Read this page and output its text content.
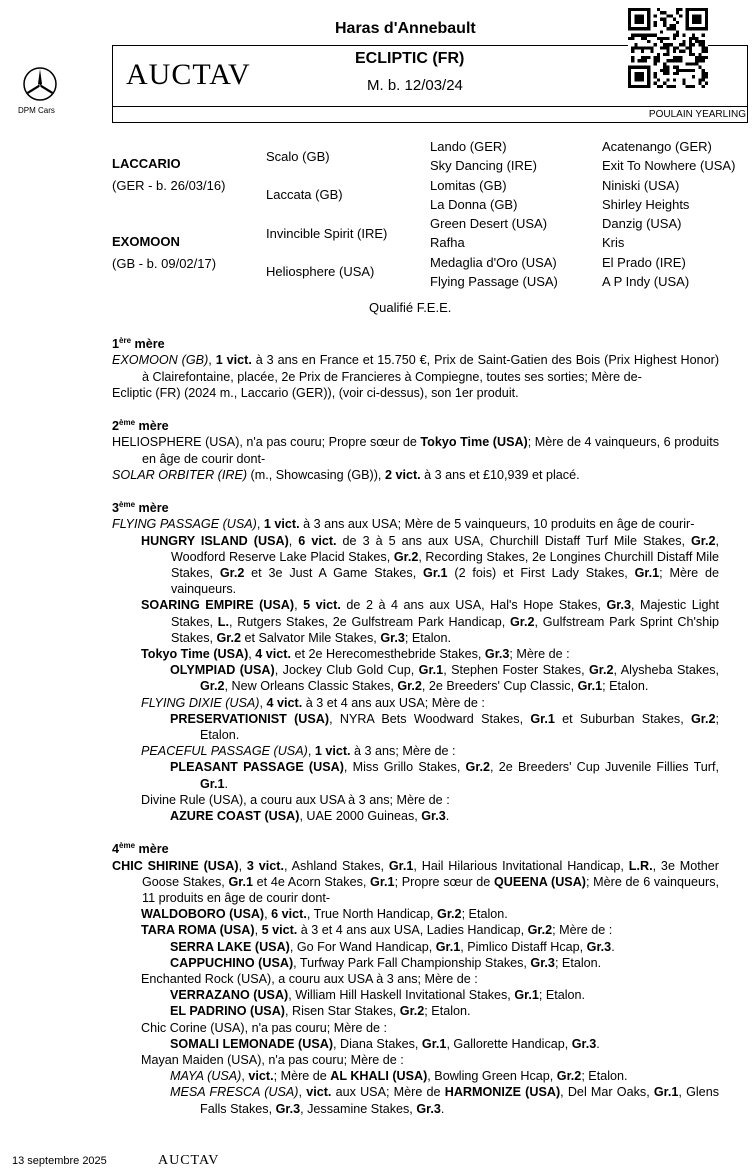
DPM Cars
Haras d'Annebault
AUCTAV	ECLIPTIC (FR)
M. b. 12/03/24
POULAIN YEARLING
LACCARIO
(GER - b. 26/03/16)
EXOMOON
(GB - b. 09/02/17)
Scalo (GB)
Laccata (GB)
Invincible Spirit (IRE)
Heliosphere (USA)
Lando (GER)
Sky Dancing (IRE)
Lomitas (GB)
La Donna (GB)
Green Desert (USA)
Rafha
Medaglia d'Oro (USA)
Flying Passage (USA)
Acatenango (GER)
Exit To Nowhere (USA)
Niniski (USA)
Shirley Heights
Danzig (USA)
Kris
El Prado (IRE)
A P Indy (USA)
Qualifié F.E.E.
1ère mère
EXOMOON (GB), 1 vict. à 3 ans en France et 15.750 €, Prix de Saint-Gatien des Bois (Prix Highest Honor) à Clairefontaine, placée, 2e Prix de Francieres à Compiegne, toutes ses sorties; Mère de-
Ecliptic (FR) (2024 m., Laccario (GER)), (voir ci-dessus), son 1er produit.
2ème mère
HELIOSPHERE (USA), n'a pas couru; Propre sœur de Tokyo Time (USA); Mère de 4 vainqueurs, 6 produits en âge de courir dont-
SOLAR ORBITER (IRE) (m., Showcasing (GB)), 2 vict. à 3 ans et £10,939 et placé.
3ème mère
FLYING PASSAGE (USA), 1 vict. à 3 ans aux USA; Mère de 5 vainqueurs, 10 produits en âge de courir-
HUNGRY ISLAND (USA), 6 vict. de 3 à 5 ans aux USA, Churchill Distaff Turf Mile Stakes, Gr.2, Woodford Reserve Lake Placid Stakes, Gr.2, Recording Stakes, 2e Longines Churchill Distaff Mile Stakes, Gr.2 et 3e Just A Game Stakes, Gr.1 (2 fois) et First Lady Stakes, Gr.1; Mère de vainqueurs.
SOARING EMPIRE (USA), 5 vict. de 2 à 4 ans aux USA, Hal's Hope Stakes, Gr.3, Majestic Light Stakes, L., Rutgers Stakes, 2e Gulfstream Park Handicap, Gr.2, Gulfstream Park Sprint Ch'ship Stakes, Gr.2 et Salvator Mile Stakes, Gr.3; Etalon.
Tokyo Time (USA), 4 vict. et 2e Herecomesthebride Stakes, Gr.3; Mère de :
OLYMPIAD (USA), Jockey Club Gold Cup, Gr.1, Stephen Foster Stakes, Gr.2, Alysheba Stakes, Gr.2, New Orleans Classic Stakes, Gr.2, 2e Breeders' Cup Classic, Gr.1; Etalon.
FLYING DIXIE (USA), 4 vict. à 3 et 4 ans aux USA; Mère de :
PRESERVATIONIST (USA), NYRA Bets Woodward Stakes, Gr.1 et Suburban Stakes, Gr.2; Etalon.
PEACEFUL PASSAGE (USA), 1 vict. à 3 ans; Mère de :
PLEASANT PASSAGE (USA), Miss Grillo Stakes, Gr.2, 2e Breeders' Cup Juvenile Fillies Turf, Gr.1.
Divine Rule (USA), a couru aux USA à 3 ans; Mère de :
AZURE COAST (USA), UAE 2000 Guineas, Gr.3.
4ème mère
CHIC SHIRINE (USA), 3 vict., Ashland Stakes, Gr.1, Hail Hilarious Invitational Handicap, L.R., 3e Mother Goose Stakes, Gr.1 et 4e Acorn Stakes, Gr.1; Propre sœur de QUEENA (USA); Mère de 6 vainqueurs, 11 produits en âge de courir dont-
WALDOBORO (USA), 6 vict., True North Handicap, Gr.2; Etalon.
TARA ROMA (USA), 5 vict. à 3 et 4 ans aux USA, Ladies Handicap, Gr.2; Mère de :
SERRA LAKE (USA), Go For Wand Handicap, Gr.1, Pimlico Distaff Hcap, Gr.3.
CAPPUCHINO (USA), Turfway Park Fall Championship Stakes, Gr.3; Etalon.
Enchanted Rock (USA), a couru aux USA à 3 ans; Mère de :
VERRAZANO (USA), William Hill Haskell Invitational Stakes, Gr.1; Etalon.
EL PADRINO (USA), Risen Star Stakes, Gr.2; Etalon.
Chic Corine (USA), n'a pas couru; Mère de :
SOMALI LEMONADE (USA), Diana Stakes, Gr.1, Gallorette Handicap, Gr.3.
Mayan Maiden (USA), n'a pas couru; Mère de :
MAYA (USA), vict.; Mère de AL KHALI (USA), Bowling Green Hcap, Gr.2; Etalon.
MESA FRESCA (USA), vict. aux USA; Mère de HARMONIZE (USA), Del Mar Oaks, Gr.1, Glens Falls Stakes, Gr.3, Jessamine Stakes, Gr.3.
13 septembre 2025	AUCTAV
